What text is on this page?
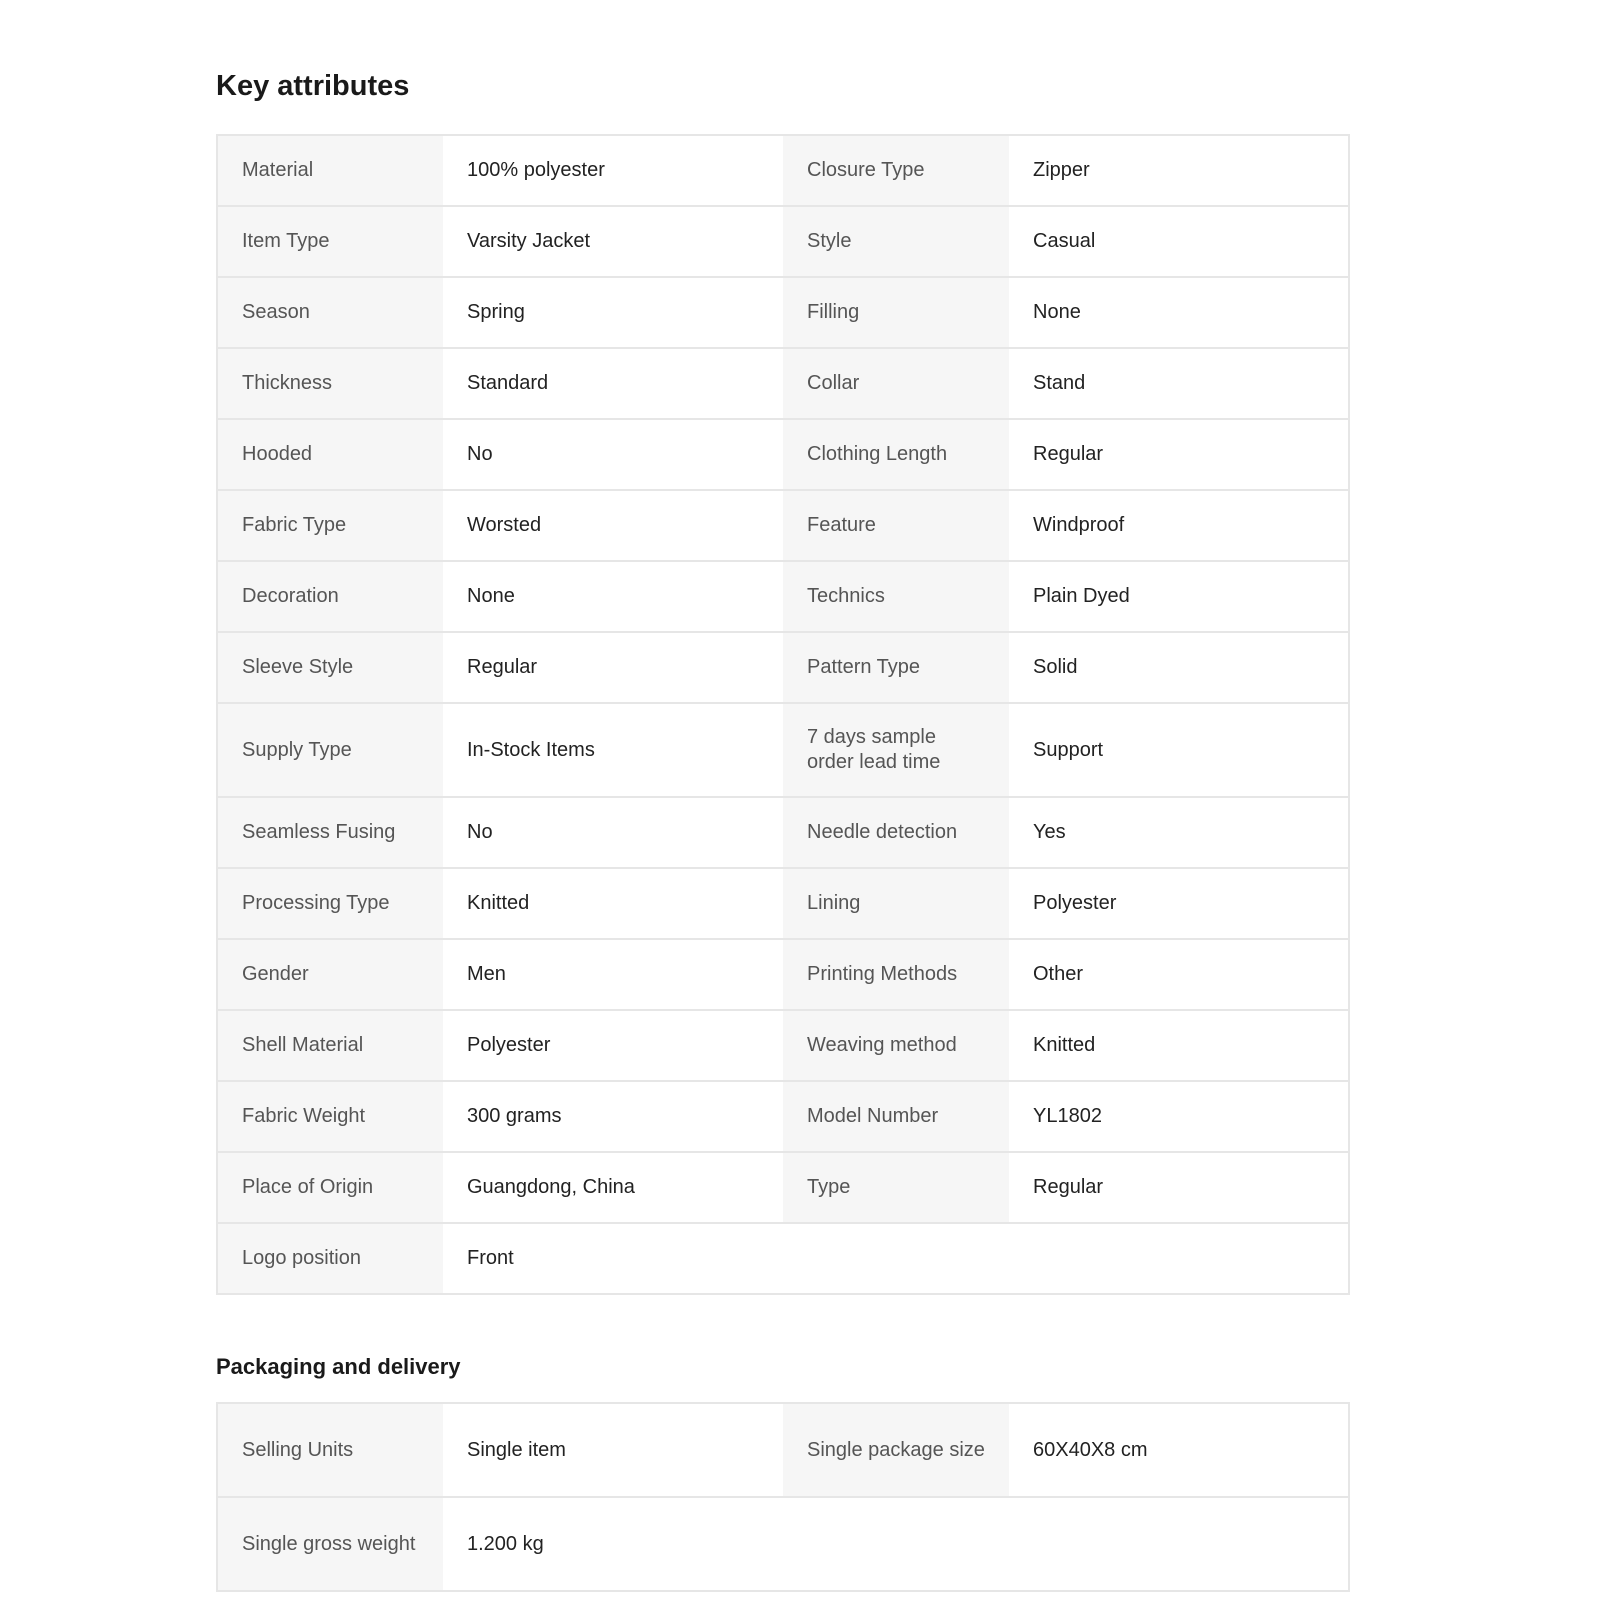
Key attributes
Material	100% polyester	Closure Type	Zipper
Item Type	Varsity Jacket	Style	Casual
Season	Spring	Filling	None
Thickness	Standard	Collar	Stand
Hooded	No	Clothing Length	Regular
Fabric Type	Worsted	Feature	Windproof
Decoration	None	Technics	Plain Dyed
Sleeve Style	Regular	Pattern Type	Solid
Supply Type	In-Stock Items	7 days sample order lead time	Support
Seamless Fusing	No	Needle detection	Yes
Processing Type	Knitted	Lining	Polyester
Gender	Men	Printing Methods	Other
Shell Material	Polyester	Weaving method	Knitted
Fabric Weight	300 grams	Model Number	YL1802
Place of Origin	Guangdong, China	Type	Regular
Logo position	Front		
Packaging and delivery
Selling Units	Single item	Single package size	60X40X8 cm
Single gross weight	1.200 kg		
